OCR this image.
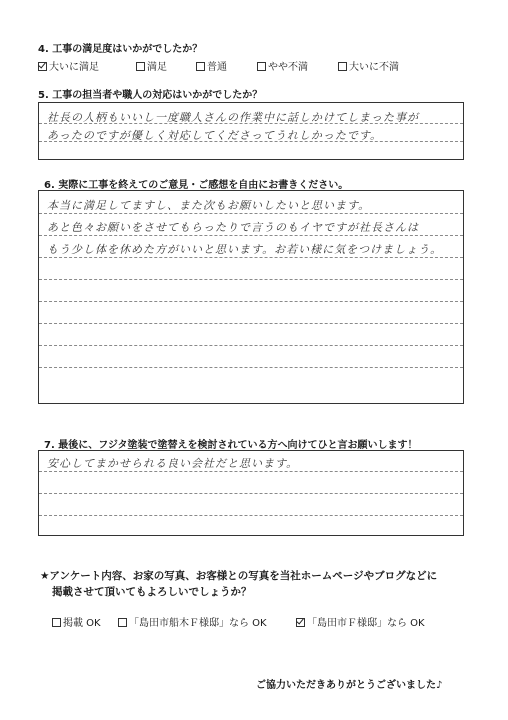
4. 工事の満足度はいかがでしたか？
大いに満足	満足	普通	やや不満	大いに不満
5. 工事の担当者や職人の対応はいかがでしたか？
社長の人柄もいいし一度職人さんの作業中に話しかけてしまった事が
あったのですが優しく対応してくださってうれしかったです。
6. 実際に工事を終えてのご意見・ご感想を自由にお書きください。
本当に満足してますし、また次もお願いしたいと思います。
あと色々お願いをさせてもらったりで言うのもイヤですが社長さんは
もう少し体を休めた方がいいと思います。お若い様に気をつけましょう。
7. 最後に、フジタ塗装で塗替えを検討されている方へ向けてひと言お願いします！
安心してまかせられる良い会社だと思います。
★アンケート内容、お家の写真、お客様との写真を当社ホームページやブログなどに
掲載させて頂いてもよろしいでしょうか？
掲載 OK	「島田市船木Ｆ様邸」なら OK	「島田市Ｆ様邸」なら OK
ご協力いただきありがとうございました♪
